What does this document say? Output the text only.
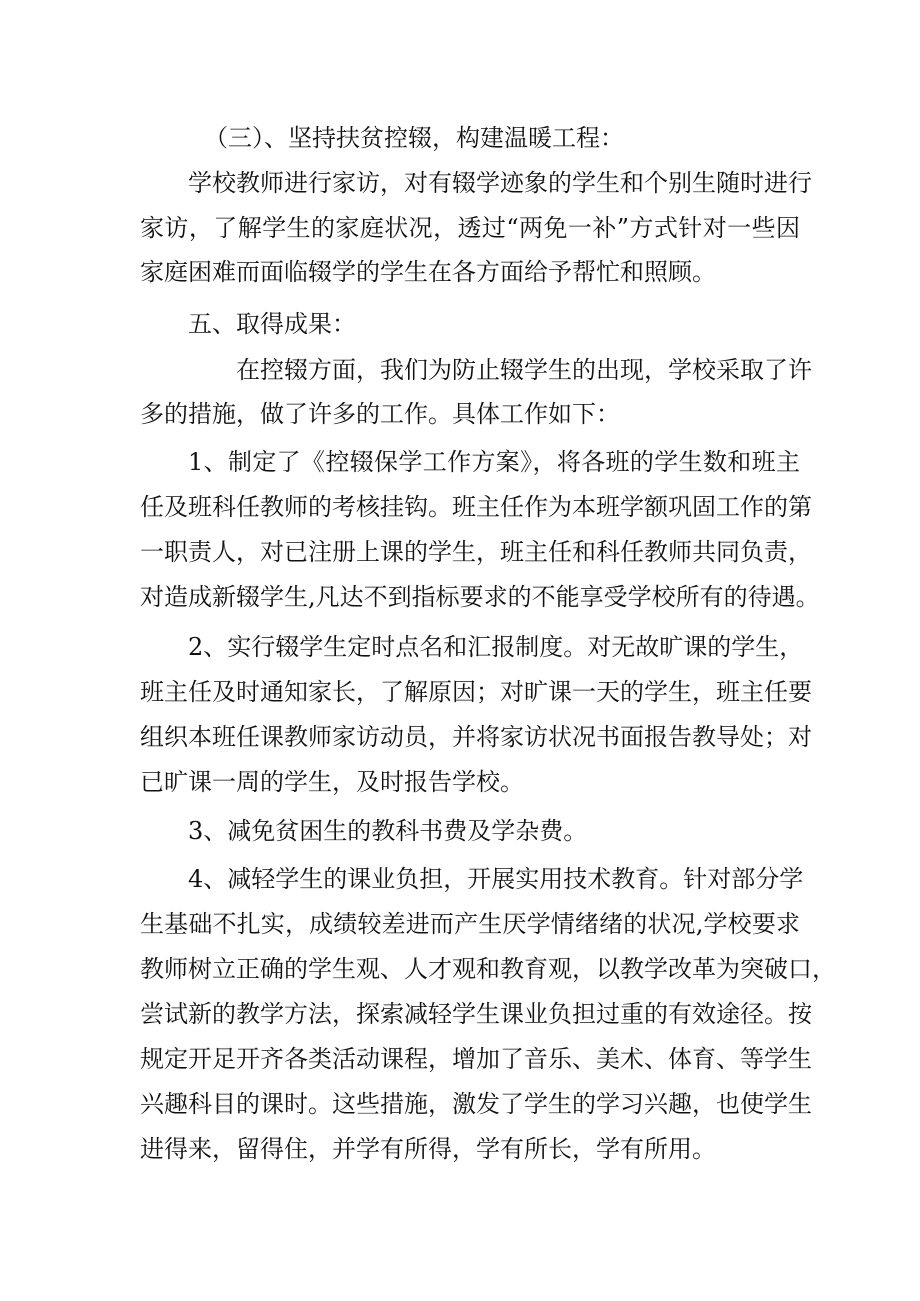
（三）、坚持扶贫控辍，构建温暖工程：
学校教师进行家访，对有辍学迹象的学生和个别生随时进行
家访，了解学生的家庭状况，透过“两免一补”方式针对一些因
家庭困难而面临辍学的学生在各方面给予帮忙和照顾。
五、取得成果：
在控辍方面，我们为防止辍学生的出现，学校采取了许
多的措施，做了许多的工作。具体工作如下：
1、制定了《控辍保学工作方案》，将各班的学生数和班主
任及班科任教师的考核挂钩。班主任作为本班学额巩固工作的第
一职责人，对已注册上课的学生，班主任和科任教师共同负责，
对造成新辍学生,凡达不到指标要求的不能享受学校所有的待遇。
2、实行辍学生定时点名和汇报制度。对无故旷课的学生，
班主任及时通知家长，了解原因；对旷课一天的学生，班主任要
组织本班任课教师家访动员，并将家访状况书面报告教导处；对
已旷课一周的学生，及时报告学校。
3、减免贫困生的教科书费及学杂费。
4、减轻学生的课业负担，开展实用技术教育。针对部分学
生基础不扎实，成绩较差进而产生厌学情绪绪的状况,学校要求
教师树立正确的学生观、人才观和教育观，以教学改革为突破口，
尝试新的教学方法，探索减轻学生课业负担过重的有效途径。按
规定开足开齐各类活动课程，增加了音乐、美术、体育、等学生
兴趣科目的课时。这些措施，激发了学生的学习兴趣，也使学生
进得来，留得住，并学有所得，学有所长，学有所用。
